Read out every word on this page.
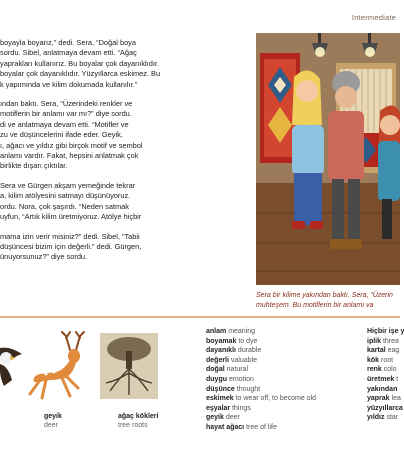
Intermediate

boyayla boyarız,” dedi. Sera, “Doğal boya
sordu. Sibel, anlatmaya devam etti. “Ağaç
yaprakları kullanırız. Bu boyalar çok dayanıklıdır.
boyalar çok dayanıklıdır. Yüzyıllarca eskimez. Bu
k yapımında ve kilim dokumada kullanılır.”

ından baktı. Sera, “Üzerindeki renkler ve
motiflerin bir anlamı var mı?” diye sordu.
di ve anlatmaya devam etti. “Motifler ve
zu ve düşüncelerini ifade eder. Geyik,
ı, ağacı ve yıldız gibi birçok motif ve sembol
anlamı vardır. Fakat, hepsini anlatmak çok
birlikte dışarı çıktılar.

Sera ve Gürgen akşam yemeğinde tekrar
a, kilim atölyesini satmayı düşünüyoruz.
ordu. Nora, çok şaşırdı. “Neden satmak
uyfun, “Artık kilim üretmiyoruz. Atölye hiçbir

mama izin verir misiniz?” dedi. Sibel, “Tabii
düşüncesi bizim için değerli.” dedi. Gürgen,
ünuyorsunuz?” diye sordu.

Sera bir kilime yakından baktı. Sera, “Üzerin
muhteşem. Bu motiflerin bir anlamı va
geyik
deer
ağaç kökleri
tree roots
anlam meaning
boyamak to dye
dayanıklı durable
değerli valuable
doğal natural
duygu emotion
düşünce thought
eskimek to wear off, to become old
eşyalar things
geyik deer
hayat ağacı tree of life
Hiçbir işe y
iplik threa
kartal eag
kök root
renk colo
üretmek t
yakından
yaprak lea
yüzyıllarca
yıldız star
